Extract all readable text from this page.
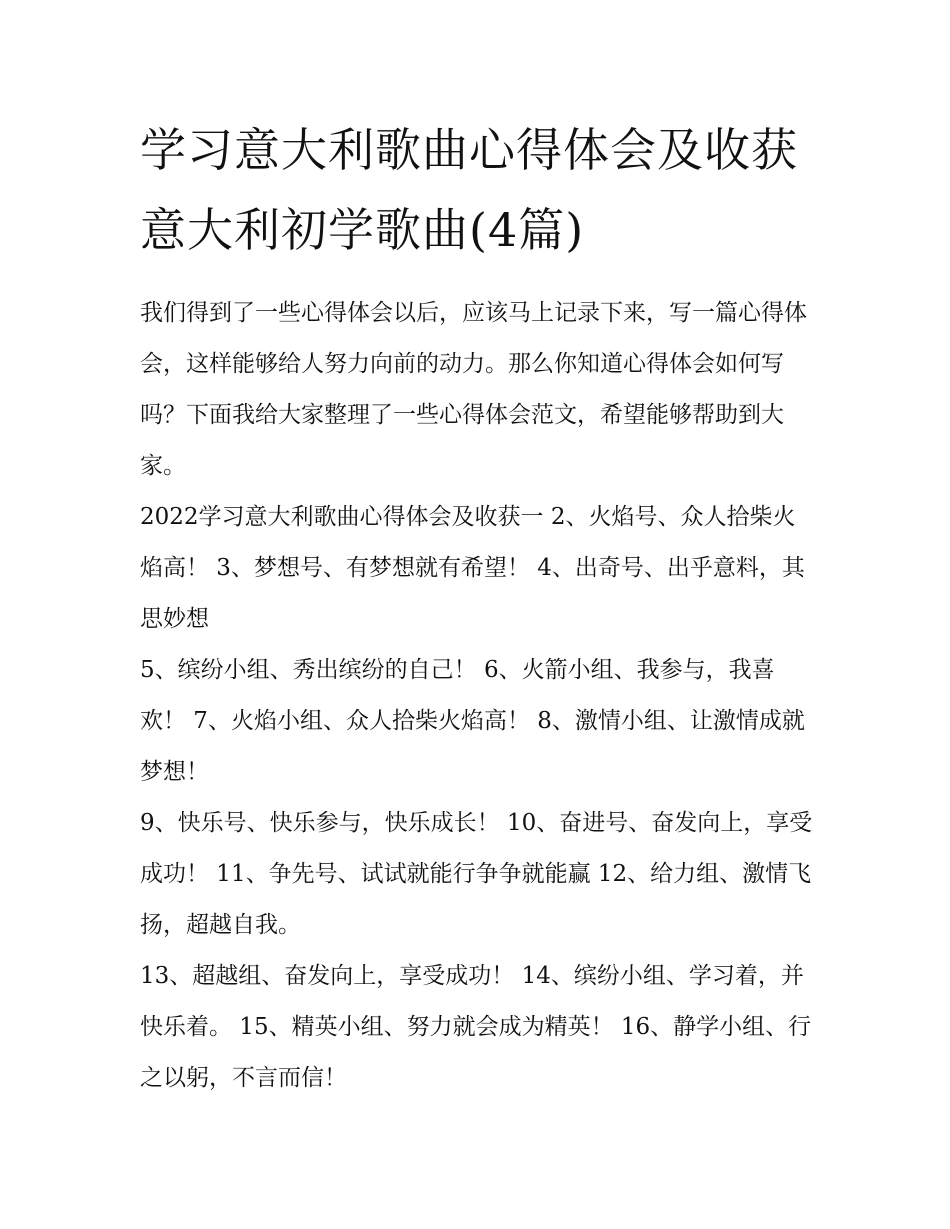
学习意大利歌曲心得体会及收获 意大利初学歌曲(4篇)

我们得到了一些心得体会以后，应该马上记录下来，写一篇心得体会，这样能够给人努力向前的动力。那么你知道心得体会如何写吗？下面我给大家整理了一些心得体会范文，希望能够帮助到大家。

2022学习意大利歌曲心得体会及收获一 2、火焰号、众人拾柴火焰高！ 3、梦想号、有梦想就有希望！ 4、出奇号、出乎意料，其思妙想

5、缤纷小组、秀出缤纷的自己！ 6、火箭小组、我参与，我喜欢！ 7、火焰小组、众人拾柴火焰高！ 8、激情小组、让激情成就梦想！

9、快乐号、快乐参与，快乐成长！ 10、奋进号、奋发向上，享受成功！ 11、争先号、试试就能行争争就能赢 12、给力组、激情飞扬，超越自我。

13、超越组、奋发向上，享受成功！ 14、缤纷小组、学习着，并快乐着。 15、精英小组、努力就会成为精英！ 16、静学小组、行之以躬，不言而信！
